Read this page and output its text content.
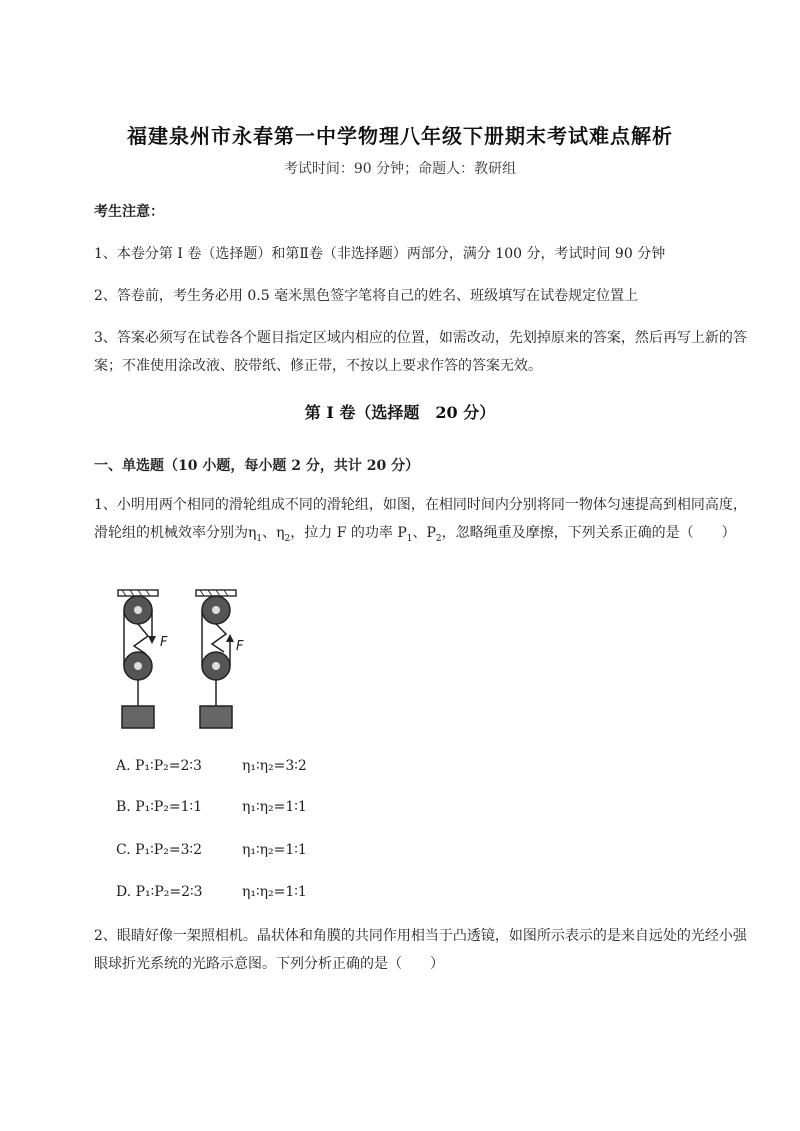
福建泉州市永春第一中学物理八年级下册期末考试难点解析
考试时间：90 分钟；命题人：教研组
考生注意：
1、本卷分第 I 卷（选择题）和第Ⅱ卷（非选择题）两部分，满分 100 分，考试时间 90 分钟
2、答卷前，考生务必用 0.5 毫米黑色签字笔将自己的姓名、班级填写在试卷规定位置上
3、答案必须写在试卷各个题目指定区域内相应的位置，如需改动，先划掉原来的答案，然后再写上新的答案；不准使用涂改液、胶带纸、修正带，不按以上要求作答的答案无效。
第 I 卷（选择题 20 分）
一、单选题（10 小题，每小题 2 分，共计 20 分）
1、小明用两个相同的滑轮组成不同的滑轮组，如图，在相同时间内分别将同一物体匀速提高到相同高度，滑轮组的机械效率分别为$\eta_1$、$\eta_2$，拉力 F 的功率 $P_1$、$P_2$，忽略绳重及摩擦，下列关系正确的是（　　）
F	F
A. P₁∶P₂=2∶3	η₁∶η₂=3∶2
B. P₁∶P₂=1∶1	η₁∶η₂=1∶1
C. P₁∶P₂=3∶2	η₁∶η₂=1∶1
D. P₁∶P₂=2∶3	η₁∶η₂=1∶1
2、眼睛好像一架照相机。晶状体和角膜的共同作用相当于凸透镜，如图所示表示的是来自远处的光经小强眼球折光系统的光路示意图。下列分析正确的是（　　）
